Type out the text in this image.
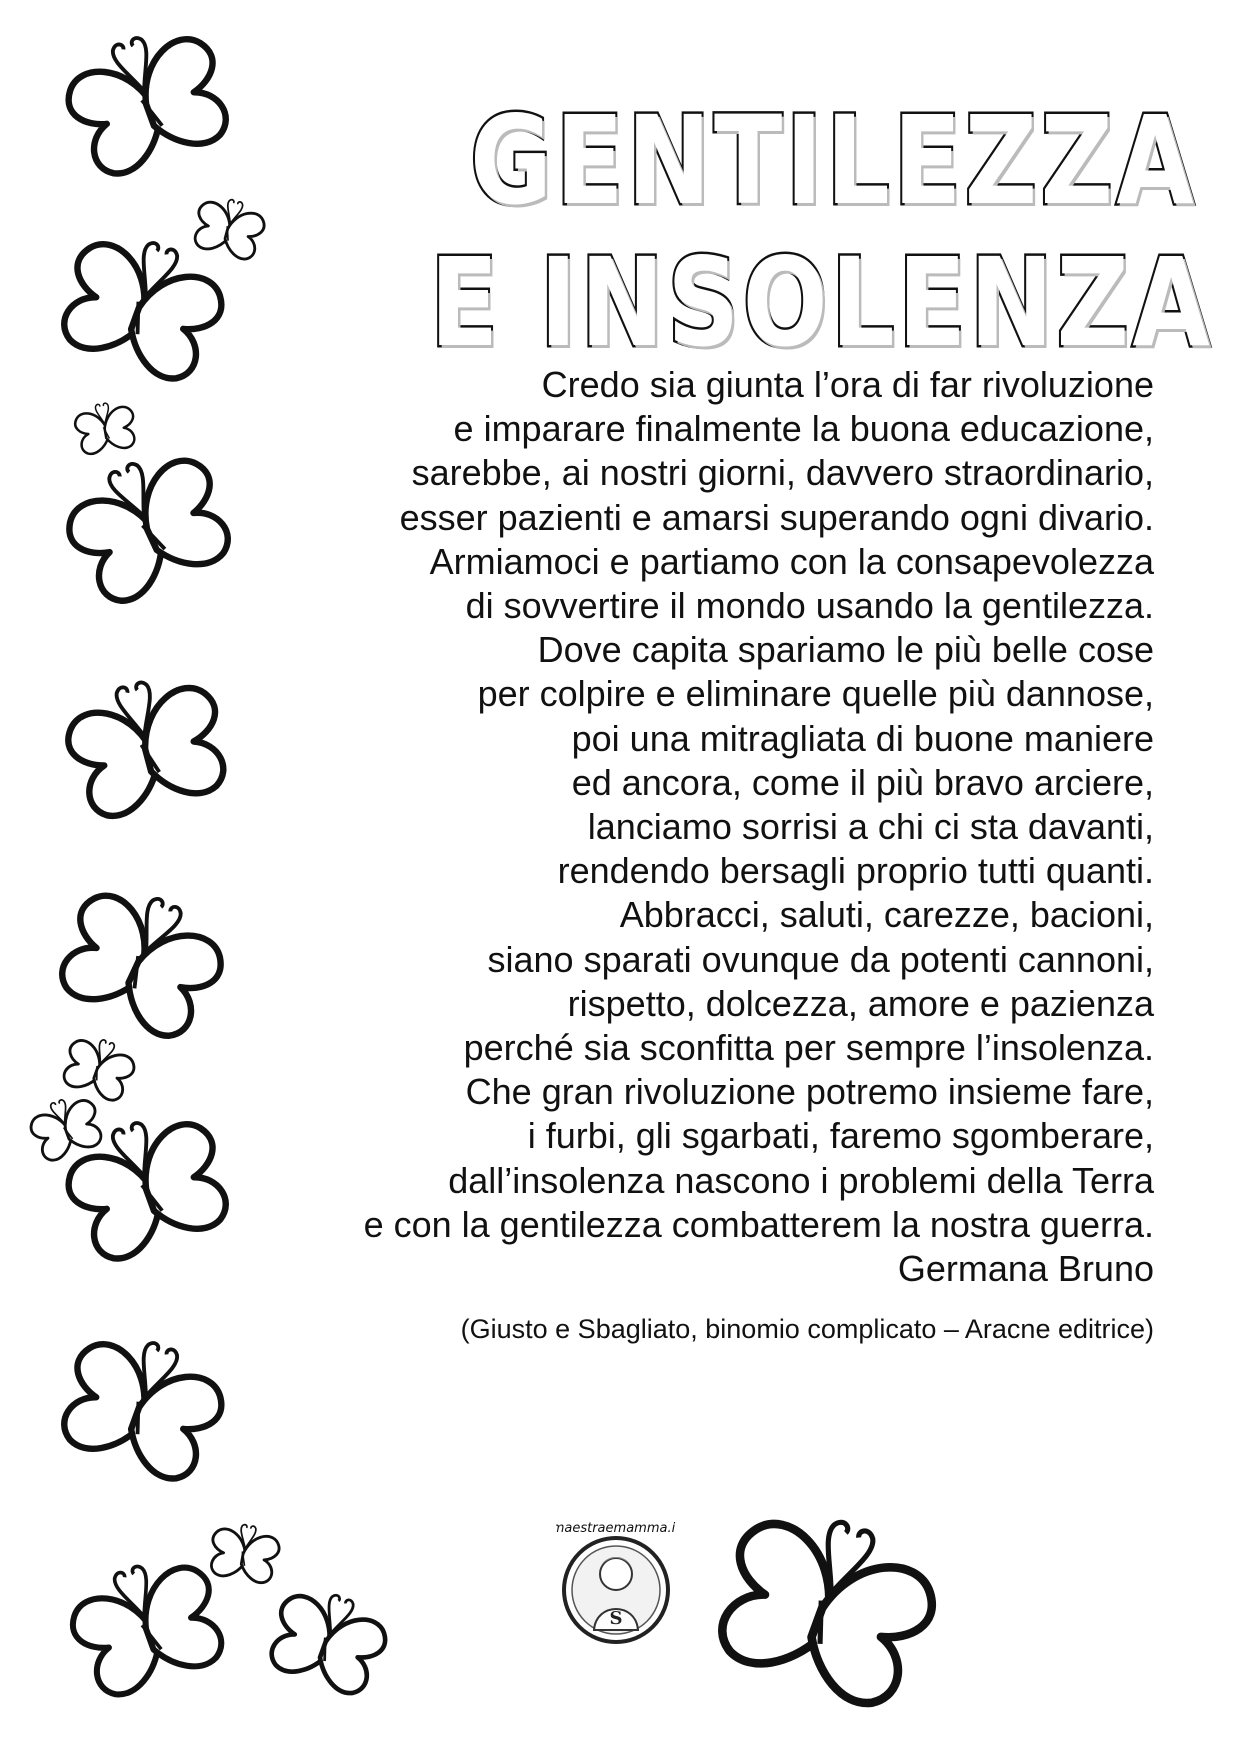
GENTILEZZA
E INSOLENZA
Credo sia giunta l’ora di far rivoluzione
e imparare finalmente la buona educazione,
sarebbe, ai nostri giorni, davvero straordinario,
esser pazienti e amarsi superando ogni divario.
Armiamoci e partiamo con la consapevolezza
di sovvertire il mondo usando la gentilezza.
Dove capita spariamo le più belle cose
per colpire e eliminare quelle più dannose,
poi una mitragliata di buone maniere
ed ancora, come il più bravo arciere,
lanciamo sorrisi a chi ci sta davanti,
rendendo bersagli proprio tutti quanti.
Abbracci, saluti, carezze, bacioni,
siano sparati ovunque da potenti cannoni,
rispetto, dolcezza, amore e pazienza
perché sia sconfitta per sempre l’insolenza.
Che gran rivoluzione potremo insieme fare,
i furbi, gli sgarbati, faremo sgomberare,
dall’insolenza nascono i problemi della Terra
e con la gentilezza combatterem la nostra guerra.
Germana Bruno
(Giusto e Sbagliato, binomio complicato – Aracne editrice)
S
maestraemamma.it
